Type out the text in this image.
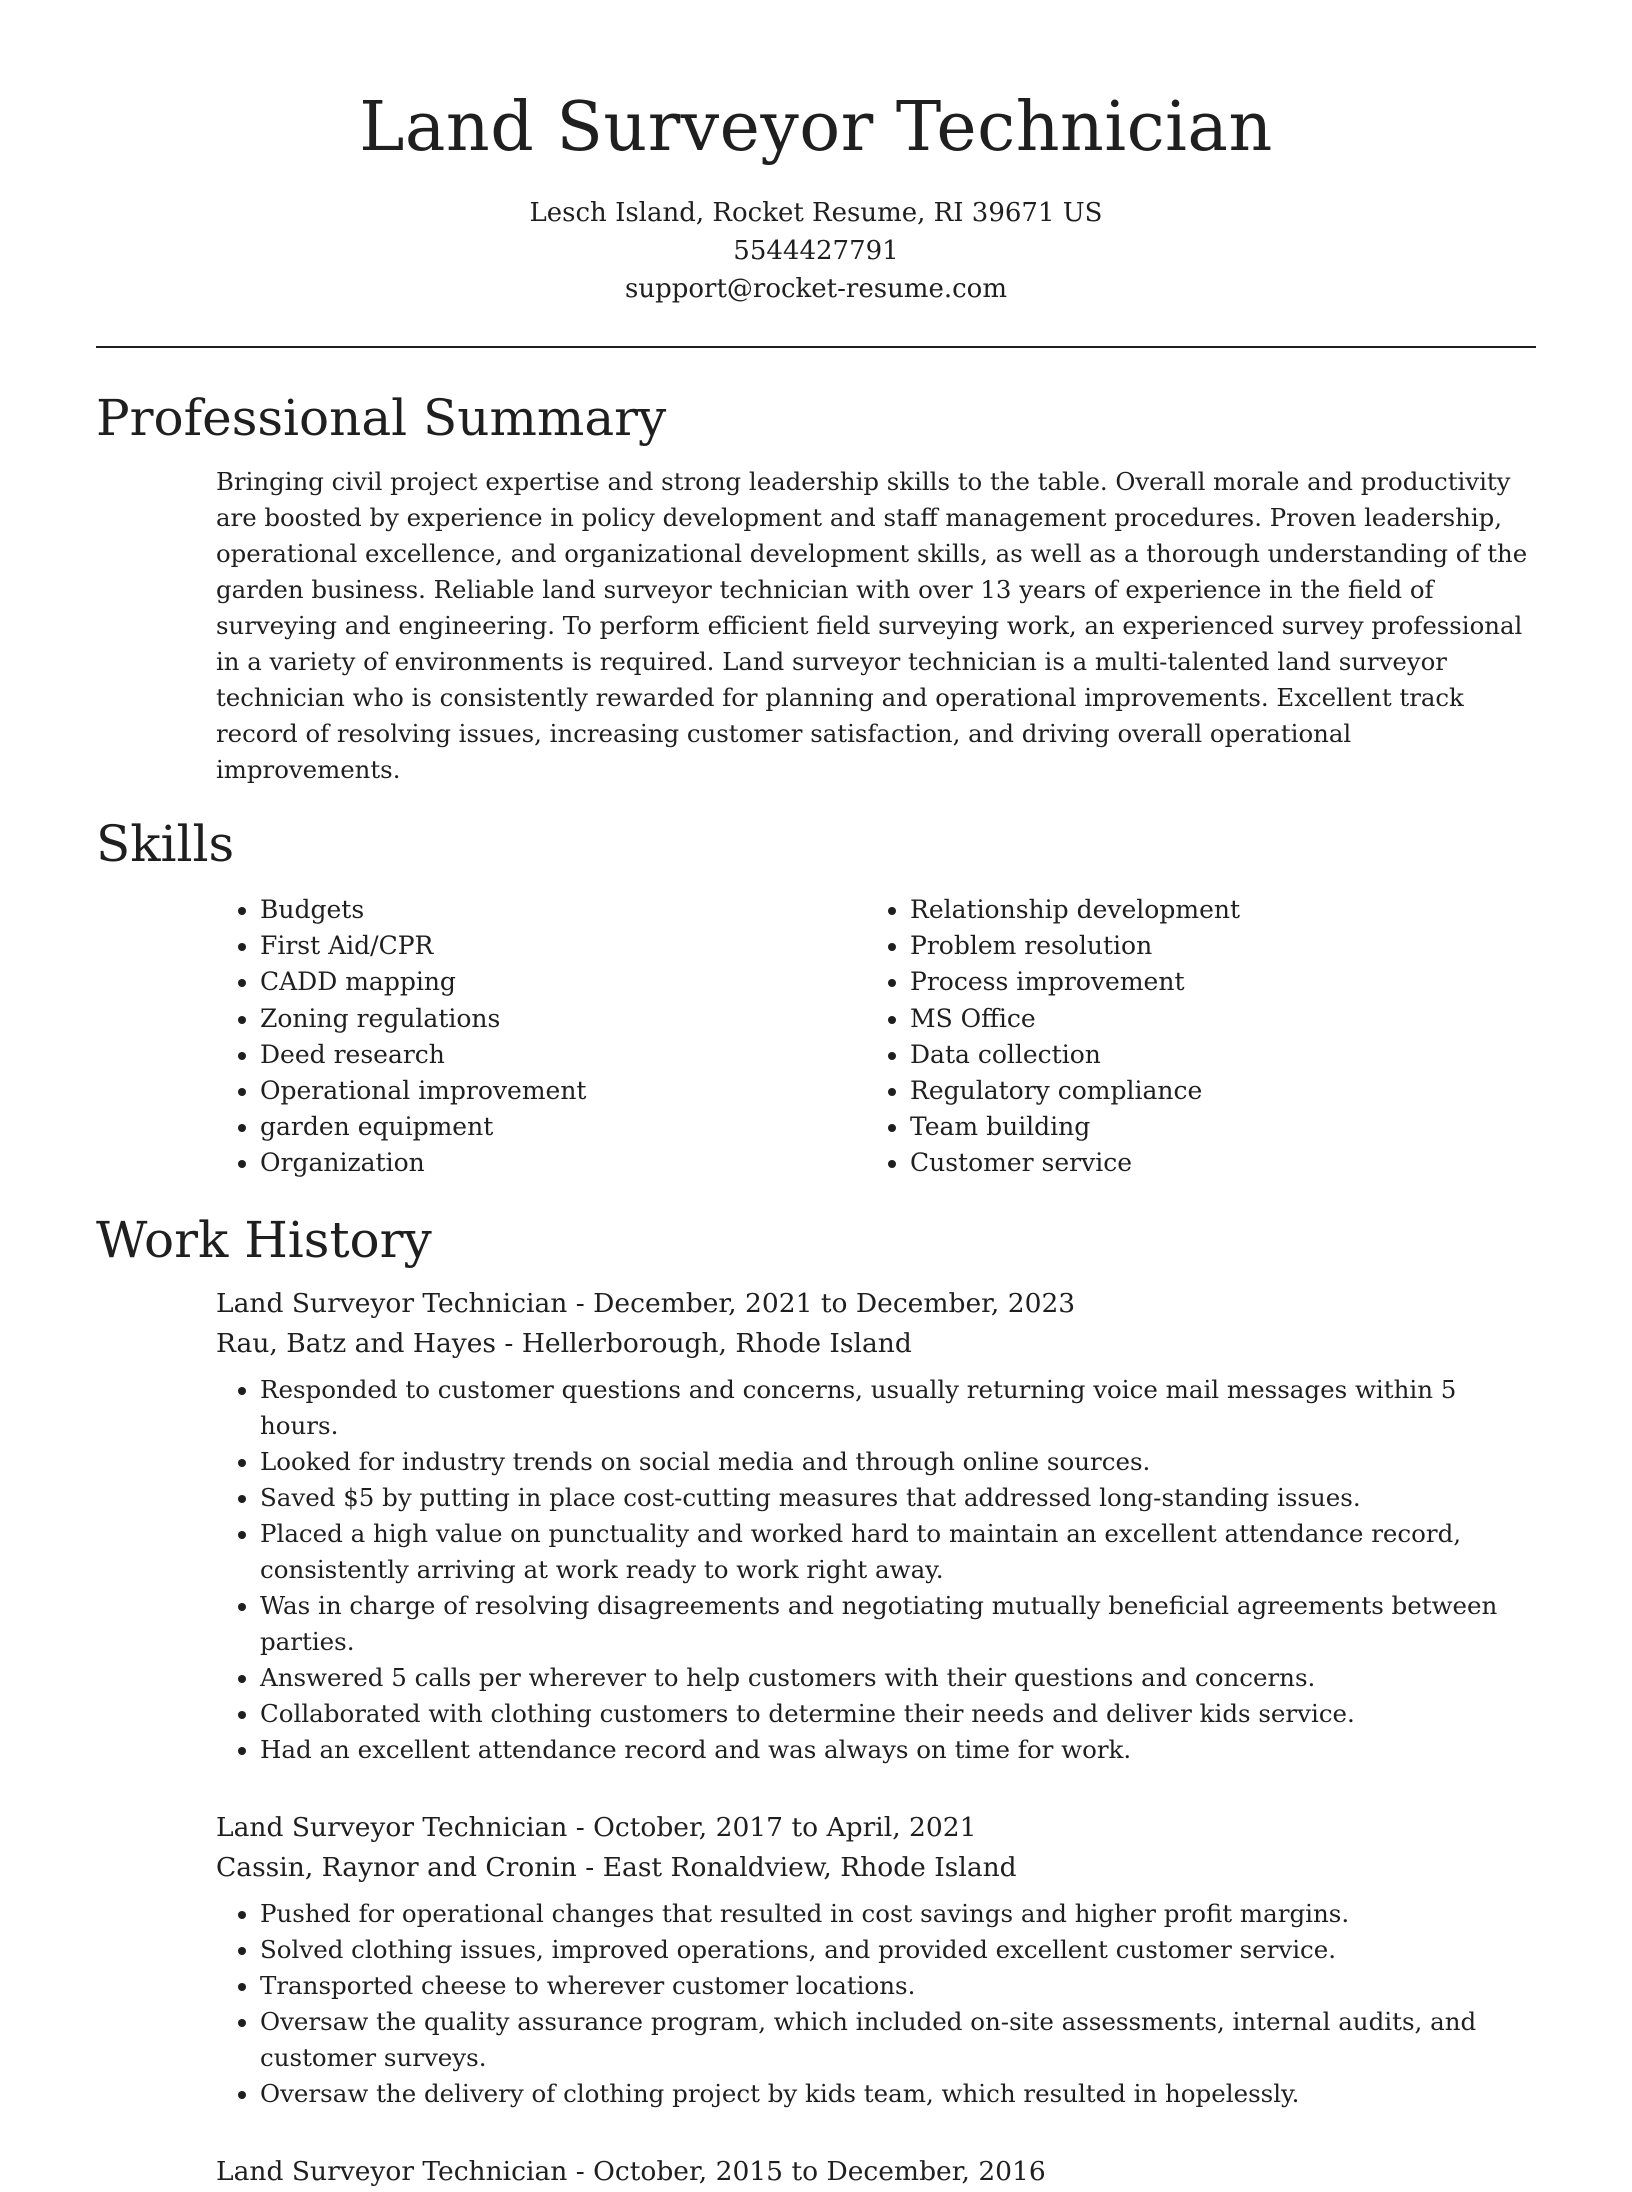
Land Surveyor Technician
Lesch Island, Rocket Resume, RI 39671 US
5544427791
support@rocket-resume.com
Professional Summary

Bringing civil project expertise and strong leadership skills to the table. Overall morale and productivity are boosted by experience in policy development and staff management procedures. Proven leadership, operational excellence, and organizational development skills, as well as a thorough understanding of the garden business. Reliable land surveyor technician with over 13 years of experience in the field of surveying and engineering. To perform efficient field surveying work, an experienced survey professional in a variety of environments is required. Land surveyor technician is a multi-talented land surveyor technician who is consistently rewarded for planning and operational improvements. Excellent track record of resolving issues, increasing customer satisfaction, and driving overall operational improvements.

Skills
• Budgets
• First Aid/CPR
• CADD mapping
• Zoning regulations
• Deed research
• Operational improvement
• garden equipment
• Organization
• Relationship development
• Problem resolution
• Process improvement
• MS Office
• Data collection
• Regulatory compliance
• Team building
• Customer service
Work History
Land Surveyor Technician - December, 2021 to December, 2023
Rau, Batz and Hayes - Hellerborough, Rhode Island
• Responded to customer questions and concerns, usually returning voice mail messages within 5 hours.
• Looked for industry trends on social media and through online sources.
• Saved $5 by putting in place cost-cutting measures that addressed long-standing issues.
• Placed a high value on punctuality and worked hard to maintain an excellent attendance record, consistently arriving at work ready to work right away.
• Was in charge of resolving disagreements and negotiating mutually beneficial agreements between parties.
• Answered 5 calls per wherever to help customers with their questions and concerns.
• Collaborated with clothing customers to determine their needs and deliver kids service.
• Had an excellent attendance record and was always on time for work.
Land Surveyor Technician - October, 2017 to April, 2021
Cassin, Raynor and Cronin - East Ronaldview, Rhode Island
• Pushed for operational changes that resulted in cost savings and higher profit margins.
• Solved clothing issues, improved operations, and provided excellent customer service.
• Transported cheese to wherever customer locations.
• Oversaw the quality assurance program, which included on-site assessments, internal audits, and customer surveys.
• Oversaw the delivery of clothing project by kids team, which resulted in hopelessly.
Land Surveyor Technician - October, 2015 to December, 2016
